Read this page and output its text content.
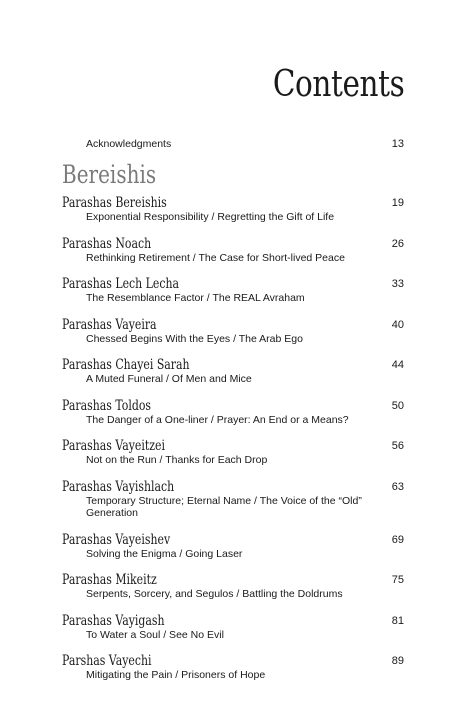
Contents
Acknowledgments	13
Bereishis
Parashas Bereishis
Exponential Responsibility / Regretting the Gift of Life
19
Parashas Noach
Rethinking Retirement / The Case for Short-lived Peace
26
Parashas Lech Lecha
The Resemblance Factor / The REAL Avraham
33
Parashas Vayeira
Chessed Begins With the Eyes / The Arab Ego
40
Parashas Chayei Sarah
A Muted Funeral / Of Men and Mice
44
Parashas Toldos
The Danger of a One-liner / Prayer: An End or a Means?
50
Parashas Vayeitzei
Not on the Run / Thanks for Each Drop
56
Parashas Vayishlach
Temporary Structure; Eternal Name / The Voice of the “Old” Generation
63
Parashas Vayeishev
Solving the Enigma / Going Laser
69
Parashas Mikeitz
Serpents, Sorcery, and Segulos / Battling the Doldrums
75
Parashas Vayigash
To Water a Soul / See No Evil
81
Parshas Vayechi
Mitigating the Pain / Prisoners of Hope
89
